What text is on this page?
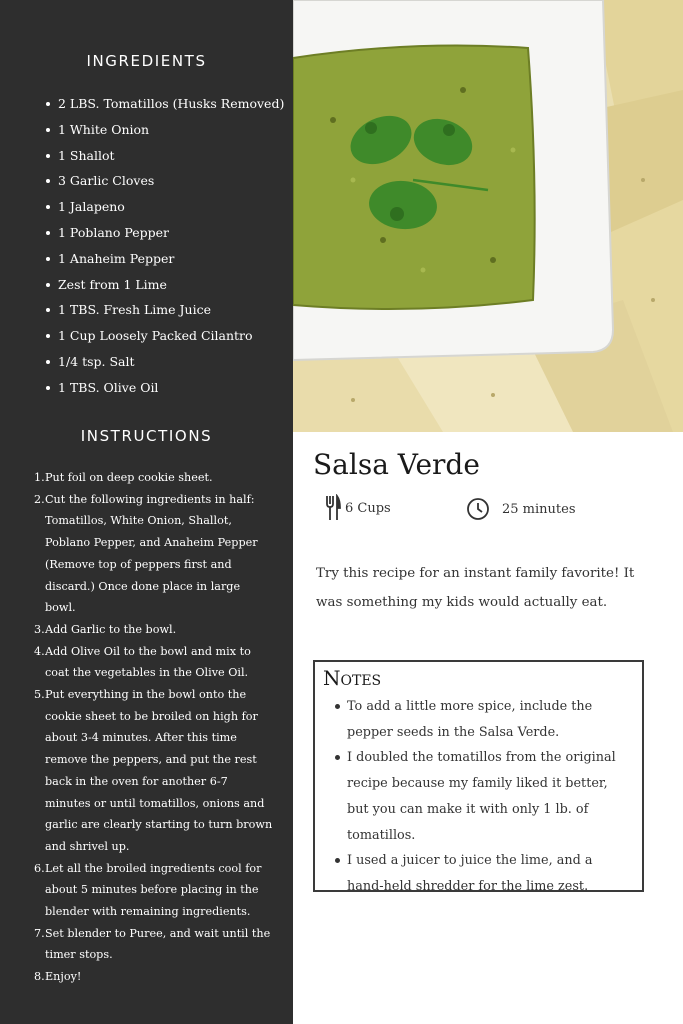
INGREDIENTS
2 LBS. Tomatillos (Husks Removed)
1 White Onion
1 Shallot
3 Garlic Cloves
1 Jalapeno
1 Poblano Pepper
1 Anaheim Pepper
Zest from 1 Lime
1 TBS. Fresh Lime Juice
1 Cup Loosely Packed Cilantro
1/4 tsp. Salt
1 TBS. Olive Oil
INSTRUCTIONS
1. Put foil on deep cookie sheet.
2. Cut the following ingredients in half: Tomatillos, White Onion, Shallot, Poblano Pepper, and Anaheim Pepper (Remove top of peppers first and discard.) Once done place in large bowl.
3. Add Garlic to the bowl.
4. Add Olive Oil to the bowl and mix to coat the vegetables in the Olive Oil.
5. Put everything in the bowl onto the cookie sheet to be broiled on high for about 3-4 minutes. After this time remove the peppers, and put the rest back in the oven for another 6-7 minutes or until tomatillos, onions and garlic are clearly starting to turn brown and shrivel up.
6. Let all the broiled ingredients cool for about 5 minutes before placing in the blender with remaining ingredients.
7. Set blender to Puree, and wait until the timer stops.
8. Enjoy!
Salsa Verde
6 Cups	25 minutes

Try this recipe for an instant family favorite! It was something my kids would actually eat.

Notes
To add a little more spice, include the pepper seeds in the Salsa Verde.
I doubled the tomatillos from the original recipe because my family liked it better, but you can make it with only 1 lb. of tomatillos.
I used a juicer to juice the lime, and a hand-held shredder for the lime zest.
